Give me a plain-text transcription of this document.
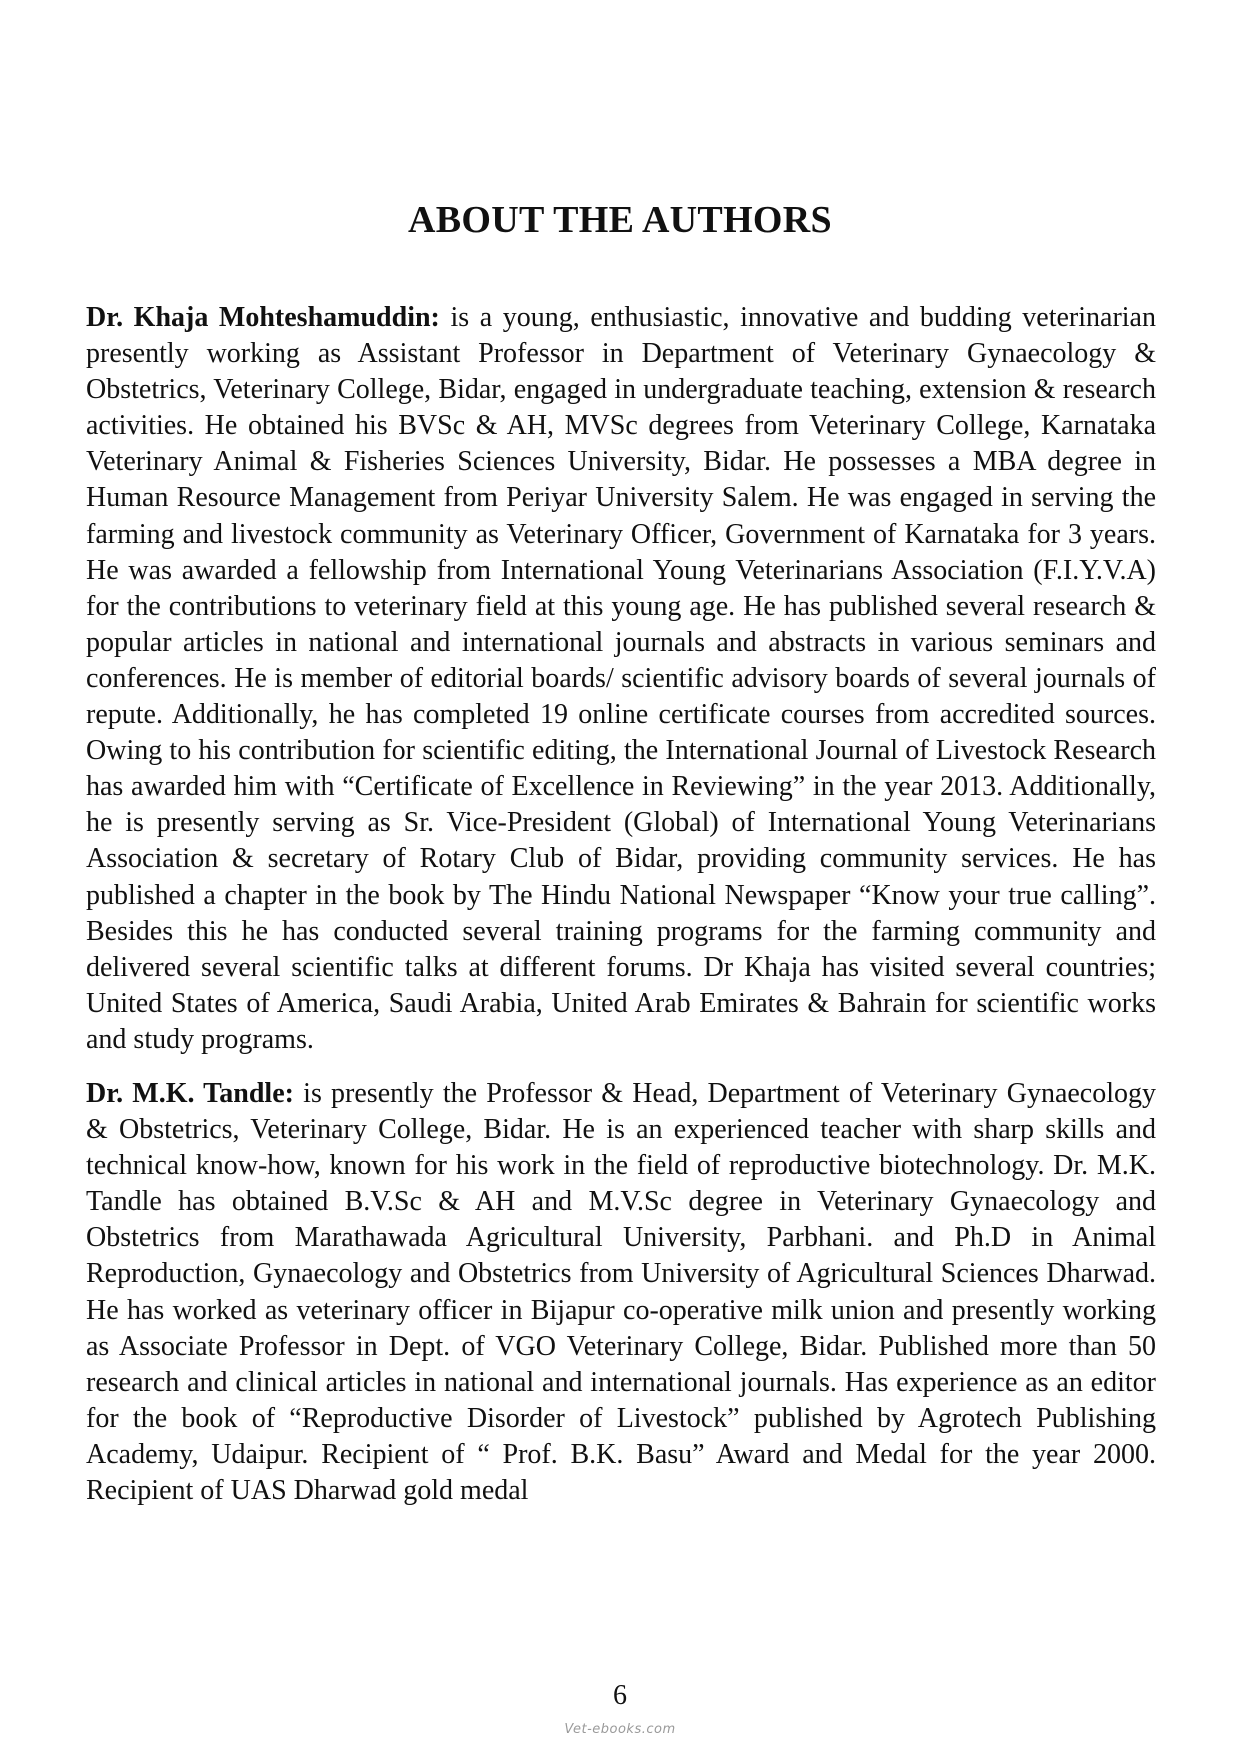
ABOUT THE AUTHORS

Dr. Khaja Mohteshamuddin: is a young, enthusiastic, innovative and budding veterinarian presently working as Assistant Professor in Department of Veterinary Gynaecology & Obstetrics, Veterinary College, Bidar, engaged in undergraduate teaching, extension & research activities. He obtained his BVSc & AH, MVSc degrees from Veterinary College, Karnataka Veterinary Animal & Fisheries Sciences University, Bidar. He possesses a MBA degree in Human Resource Management from Periyar University Salem. He was engaged in serving the farming and livestock community as Veterinary Officer, Government of Karnataka for 3 years. He was awarded a fellowship from International Young Veterinarians Association (F.I.Y.V.A) for the contributions to veterinary field at this young age. He has published several research & popular articles in national and international journals and abstracts in various seminars and conferences. He is member of editorial boards/ scientific advisory boards of several journals of repute. Additionally, he has completed 19 online certificate courses from accredited sources. Owing to his contribution for scientific editing, the International Journal of Livestock Research has awarded him with “Certificate of Excellence in Reviewing” in the year 2013. Additionally, he is presently serving as Sr. Vice-President (Global) of International Young Veterinarians Association & secretary of Rotary Club of Bidar, providing community services. He has published a chapter in the book by The Hindu National Newspaper “Know your true calling”. Besides this he has conducted several training programs for the farming community and delivered several scientific talks at different forums. Dr Khaja has visited several countries; United States of America, Saudi Arabia, United Arab Emirates & Bahrain for scientific works and study programs.

Dr. M.K. Tandle: is presently the Professor & Head, Department of Veterinary Gynaecology & Obstetrics, Veterinary College, Bidar. He is an experienced teacher with sharp skills and technical know-how, known for his work in the field of reproductive biotechnology. Dr. M.K. Tandle has obtained B.V.Sc & AH and M.V.Sc degree in Veterinary Gynaecology and Obstetrics from Marathawada Agricultural University, Parbhani. and Ph.D in Animal Reproduction, Gynaecology and Obstetrics from University of Agricultural Sciences Dharwad. He has worked as veterinary officer in Bijapur co-operative milk union and presently working as Associate Professor in Dept. of VGO Veterinary College, Bidar. Published more than 50 research and clinical articles in national and international journals. Has experience as an editor for the book of “Reproductive Disorder of Livestock” published by Agrotech Publishing Academy, Udaipur. Recipient of “ Prof. B.K. Basu” Award and Medal for the year 2000. Recipient of UAS Dharwad gold medal

6
Vet-ebooks.com
